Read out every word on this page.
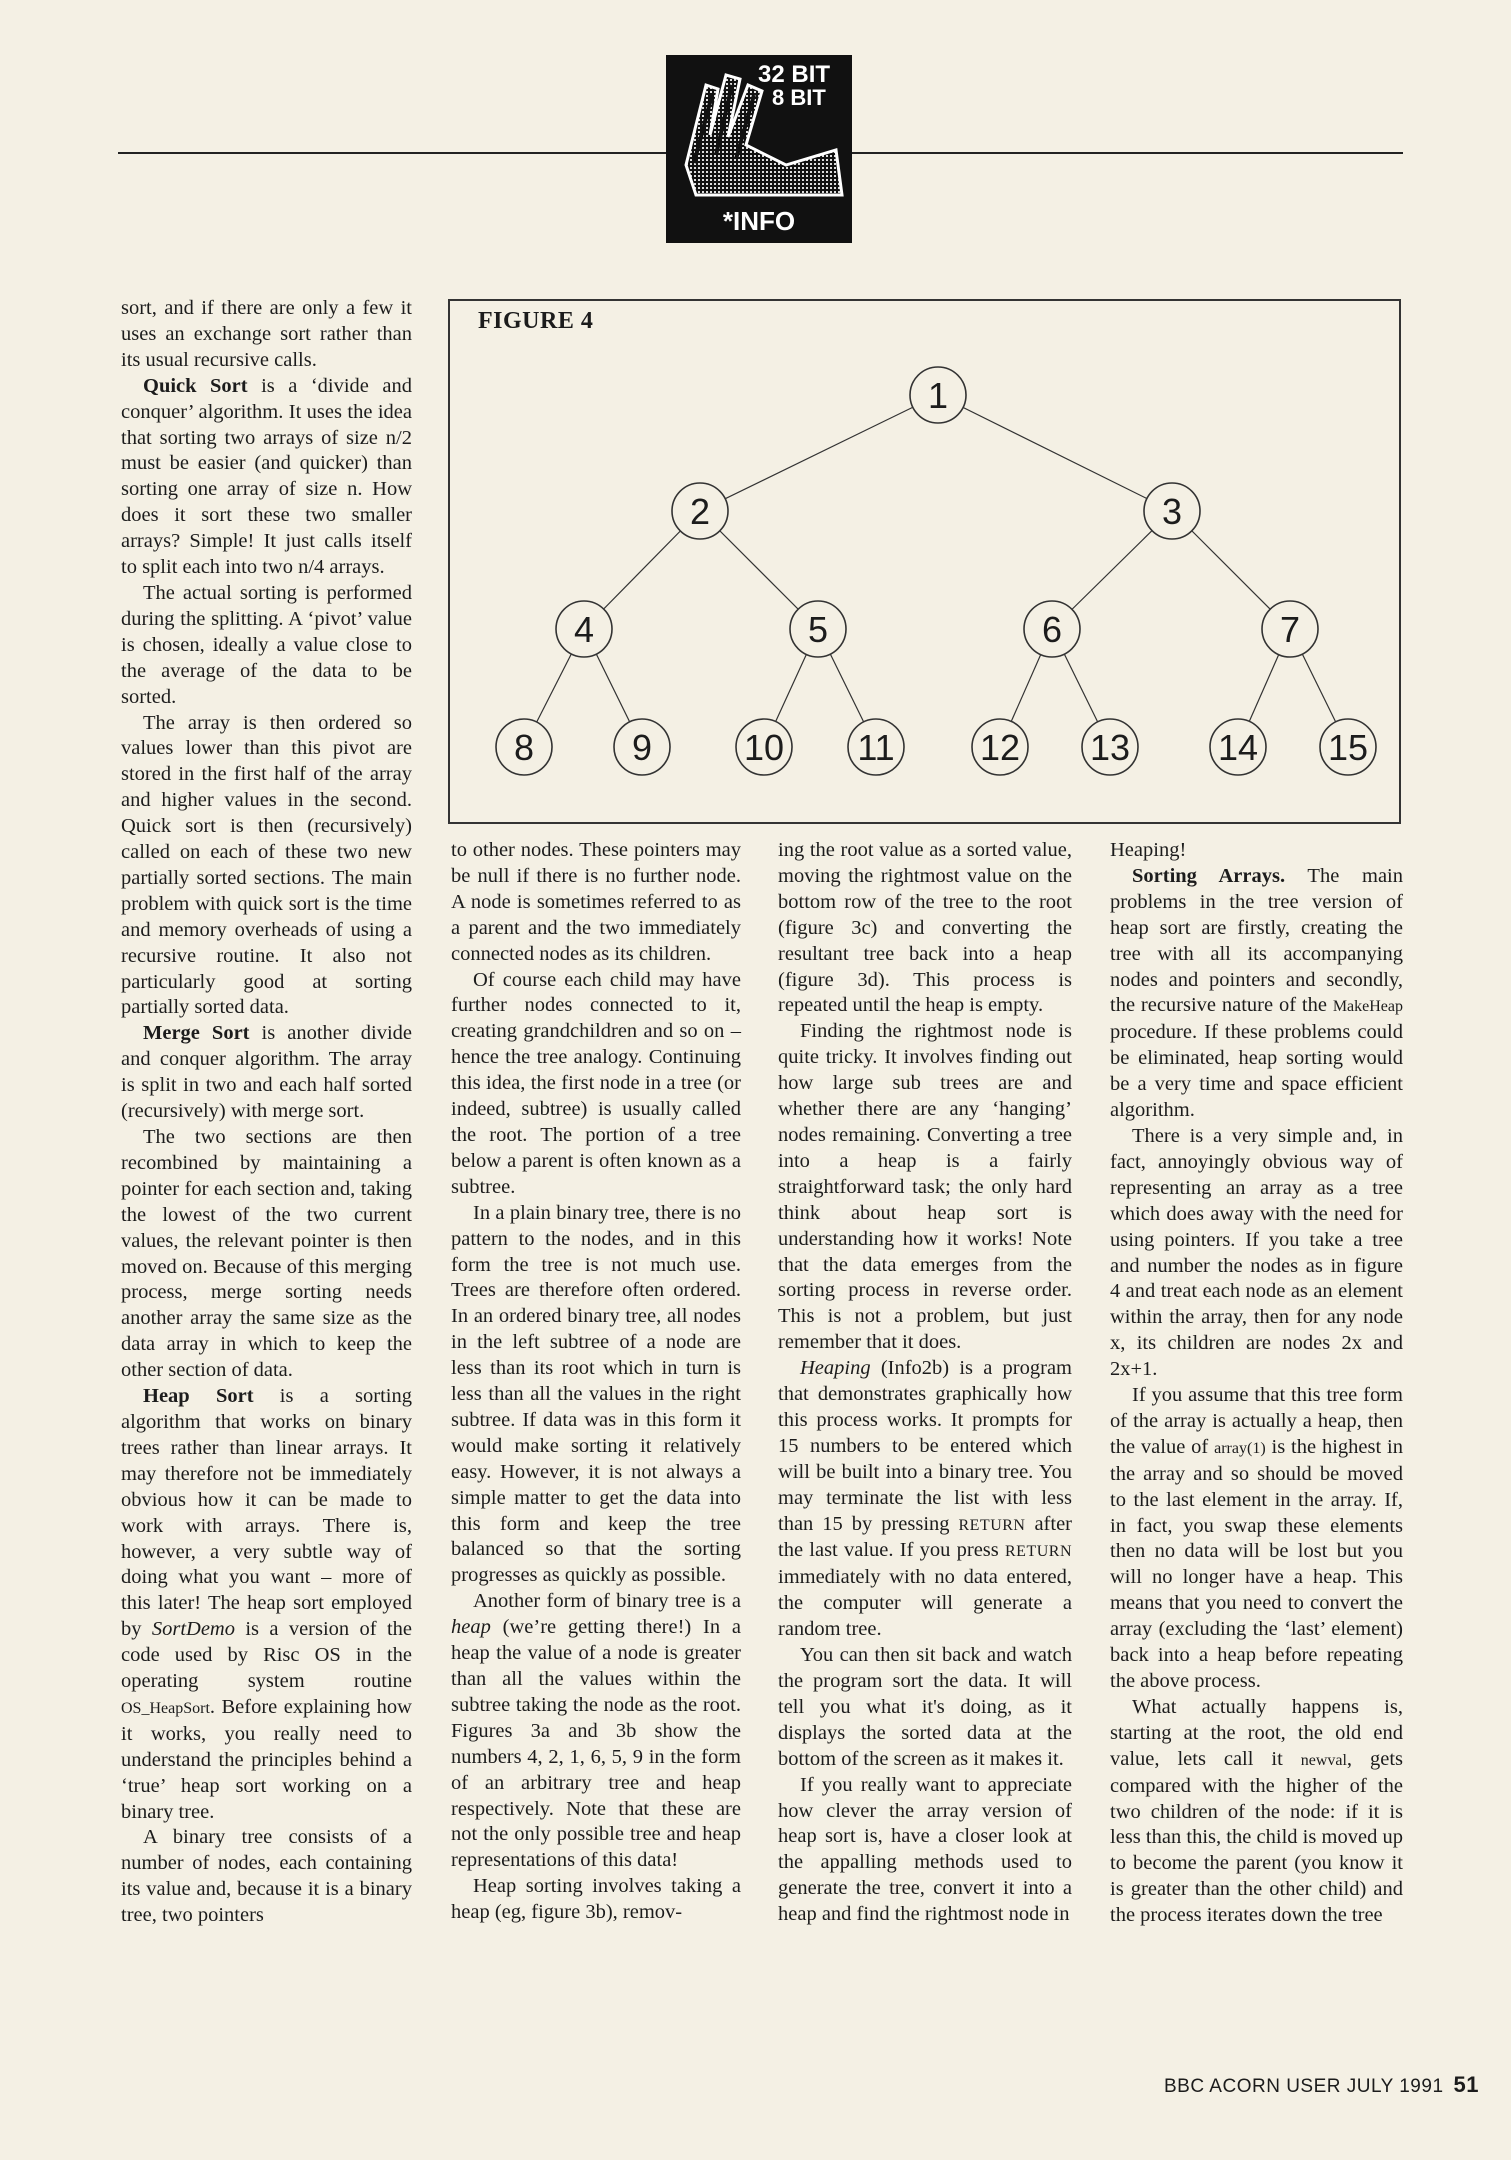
32 BIT
8 BIT
*INFO
FIGURE 4
1
2	3
4	5	6	7
8	9	10 11 12 13 14 15

sort, and if there are only a few it uses an exchange sort rather than its usual recursive calls.

Quick Sort is a ‘divide and conquer’ algorithm. It uses the idea that sorting two arrays of size n/2 must be easier (and quicker) than sorting one array of size n. How does it sort these two smaller arrays? Simple! It just calls itself to split each into two n/4 arrays.

The actual sorting is performed during the splitting. A ‘pivot’ value is chosen, ideally a value close to the average of the data to be sorted.

The array is then ordered so values lower than this pivot are stored in the first half of the array and higher values in the second. Quick sort is then (recursively) called on each of these two new partially sorted sections. The main problem with quick sort is the time and memory overheads of using a recursive routine. It also not particularly good at sorting partially sorted data.

Merge Sort is another divide and conquer algorithm. The array is split in two and each half sorted (recursively) with merge sort.

The two sections are then recombined by maintaining a pointer for each section and, taking the lowest of the two current values, the relevant pointer is then moved on. Because of this merging process, merge sorting needs another array the same size as the data array in which to keep the other section of data.

Heap Sort is a sorting algorithm that works on binary trees rather than linear arrays. It may therefore not be immediately obvious how it can be made to work with arrays. There is, however, a very subtle way of doing what you want – more of this later! The heap sort employed by SortDemo is a version of the code used by Risc OS in the operating system routine OS_HeapSort. Before explaining how it works, you really need to understand the principles behind a ‘true’ heap sort working on a binary tree.

A binary tree consists of a number of nodes, each containing its value and, because it is a binary tree, two pointers

to other nodes. These pointers may be null if there is no further node. A node is sometimes referred to as a parent and the two immediately connected nodes as its children.

Of course each child may have further nodes connected to it, creating grandchildren and so on – hence the tree analogy. Continuing this idea, the first node in a tree (or indeed, subtree) is usually called the root. The portion of a tree below a parent is often known as a subtree.

In a plain binary tree, there is no pattern to the nodes, and in this form the tree is not much use. Trees are therefore often ordered. In an ordered binary tree, all nodes in the left subtree of a node are less than its root which in turn is less than all the values in the right subtree. If data was in this form it would make sorting it relatively easy. However, it is not always a simple matter to get the data into this form and keep the tree balanced so that the sorting progresses as quickly as possible.

Another form of binary tree is a heap (we’re getting there!) In a heap the value of a node is greater than all the values within the subtree taking the node as the root. Figures 3a and 3b show the numbers 4, 2, 1, 6, 5, 9 in the form of an arbitrary tree and heap respectively. Note that these are not the only possible tree and heap representations of this data!

Heap sorting involves taking a heap (eg, figure 3b), remov-

ing the root value as a sorted value, moving the rightmost value on the bottom row of the tree to the root (figure 3c) and converting the resultant tree back into a heap (figure 3d). This process is repeated until the heap is empty.

Finding the rightmost node is quite tricky. It involves finding out how large sub trees are and whether there are any ‘hanging’ nodes remaining. Converting a tree into a heap is a fairly straightforward task; the only hard think about heap sort is understanding how it works! Note that the data emerges from the sorting process in reverse order. This is not a problem, but just remember that it does.

Heaping (Info2b) is a program that demonstrates graphically how this process works. It prompts for 15 numbers to be entered which will be built into a binary tree. You may terminate the list with less than 15 by pressing RETURN after the last value. If you press RETURN immediately with no data entered, the computer will generate a random tree.

You can then sit back and watch the program sort the data. It will tell you what it's doing, as it displays the sorted data at the bottom of the screen as it makes it.

If you really want to appreciate how clever the array version of heap sort is, have a closer look at the appalling methods used to generate the tree, convert it into a heap and find the rightmost node in

Heaping!

Sorting Arrays. The main problems in the tree version of heap sort are firstly, creating the tree with all its accompanying nodes and pointers and secondly, the recursive nature of the MakeHeap procedure. If these problems could be eliminated, heap sorting would be a very time and space efficient algorithm.

There is a very simple and, in fact, annoyingly obvious way of representing an array as a tree which does away with the need for using pointers. If you take a tree and number the nodes as in figure 4 and treat each node as an element within the array, then for any node x, its children are nodes 2x and 2x+1.

If you assume that this tree form of the array is actually a heap, then the value of array(1) is the highest in the array and so should be moved to the last element in the array. If, in fact, you swap these elements then no data will be lost but you will no longer have a heap. This means that you need to convert the array (excluding the ‘last’ element) back into a heap before repeating the above process.

What actually happens is, starting at the root, the old end value, lets call it newval, gets compared with the higher of the two children of the node: if it is less than this, the child is moved up to become the parent (you know it is greater than the other child) and the process iterates down the tree

BBC ACORN USER JULY 1991 51
